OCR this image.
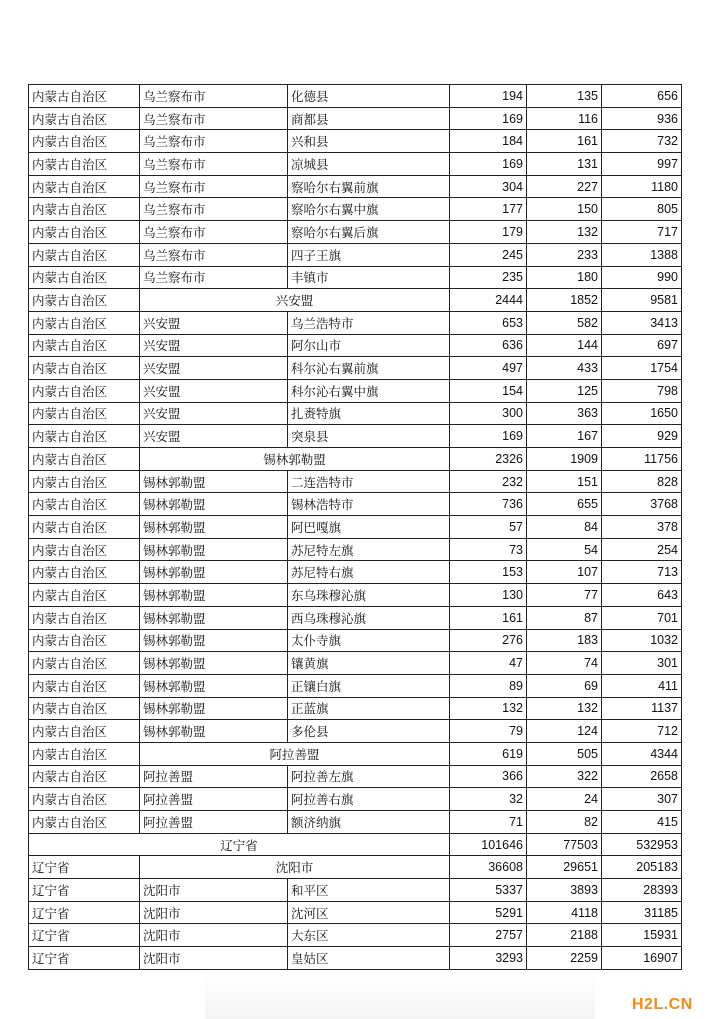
内蒙古自治区	乌兰察布市	化德县	194	135	656
内蒙古自治区	乌兰察布市	商都县	169	116	936
内蒙古自治区	乌兰察布市	兴和县	184	161	732
内蒙古自治区	乌兰察布市	凉城县	169	131	997
内蒙古自治区	乌兰察布市	察哈尔右翼前旗	304	227	1180
内蒙古自治区	乌兰察布市	察哈尔右翼中旗	177	150	805
内蒙古自治区	乌兰察布市	察哈尔右翼后旗	179	132	717
内蒙古自治区	乌兰察布市	四子王旗	245	233	1388
内蒙古自治区	乌兰察布市	丰镇市	235	180	990
内蒙古自治区	兴安盟		2444	1852	9581
内蒙古自治区	兴安盟	乌兰浩特市	653	582	3413
内蒙古自治区	兴安盟	阿尔山市	636	144	697
内蒙古自治区	兴安盟	科尔沁右翼前旗	497	433	1754
内蒙古自治区	兴安盟	科尔沁右翼中旗	154	125	798
内蒙古自治区	兴安盟	扎赉特旗	300	363	1650
内蒙古自治区	兴安盟	突泉县	169	167	929
内蒙古自治区	锡林郭勒盟		2326	1909	11756
内蒙古自治区	锡林郭勒盟	二连浩特市	232	151	828
内蒙古自治区	锡林郭勒盟	锡林浩特市	736	655	3768
内蒙古自治区	锡林郭勒盟	阿巴嘎旗	57	84	378
内蒙古自治区	锡林郭勒盟	苏尼特左旗	73	54	254
内蒙古自治区	锡林郭勒盟	苏尼特右旗	153	107	713
内蒙古自治区	锡林郭勒盟	东乌珠穆沁旗	130	77	643
内蒙古自治区	锡林郭勒盟	西乌珠穆沁旗	161	87	701
内蒙古自治区	锡林郭勒盟	太仆寺旗	276	183	1032
内蒙古自治区	锡林郭勒盟	镶黄旗	47	74	301
内蒙古自治区	锡林郭勒盟	正镶白旗	89	69	411
内蒙古自治区	锡林郭勒盟	正蓝旗	132	132	1137
内蒙古自治区	锡林郭勒盟	多伦县	79	124	712
内蒙古自治区	阿拉善盟		619	505	4344
内蒙古自治区	阿拉善盟	阿拉善左旗	366	322	2658
内蒙古自治区	阿拉善盟	阿拉善右旗	32	24	307
内蒙古自治区	阿拉善盟	额济纳旗	71	82	415
辽宁省			101646	77503	532953
辽宁省	沈阳市		36608	29651	205183
辽宁省	沈阳市	和平区	5337	3893	28393
辽宁省	沈阳市	沈河区	5291	4118	31185
辽宁省	沈阳市	大东区	2757	2188	15931
辽宁省	沈阳市	皇姑区	3293	2259	16907
H2L.CN
